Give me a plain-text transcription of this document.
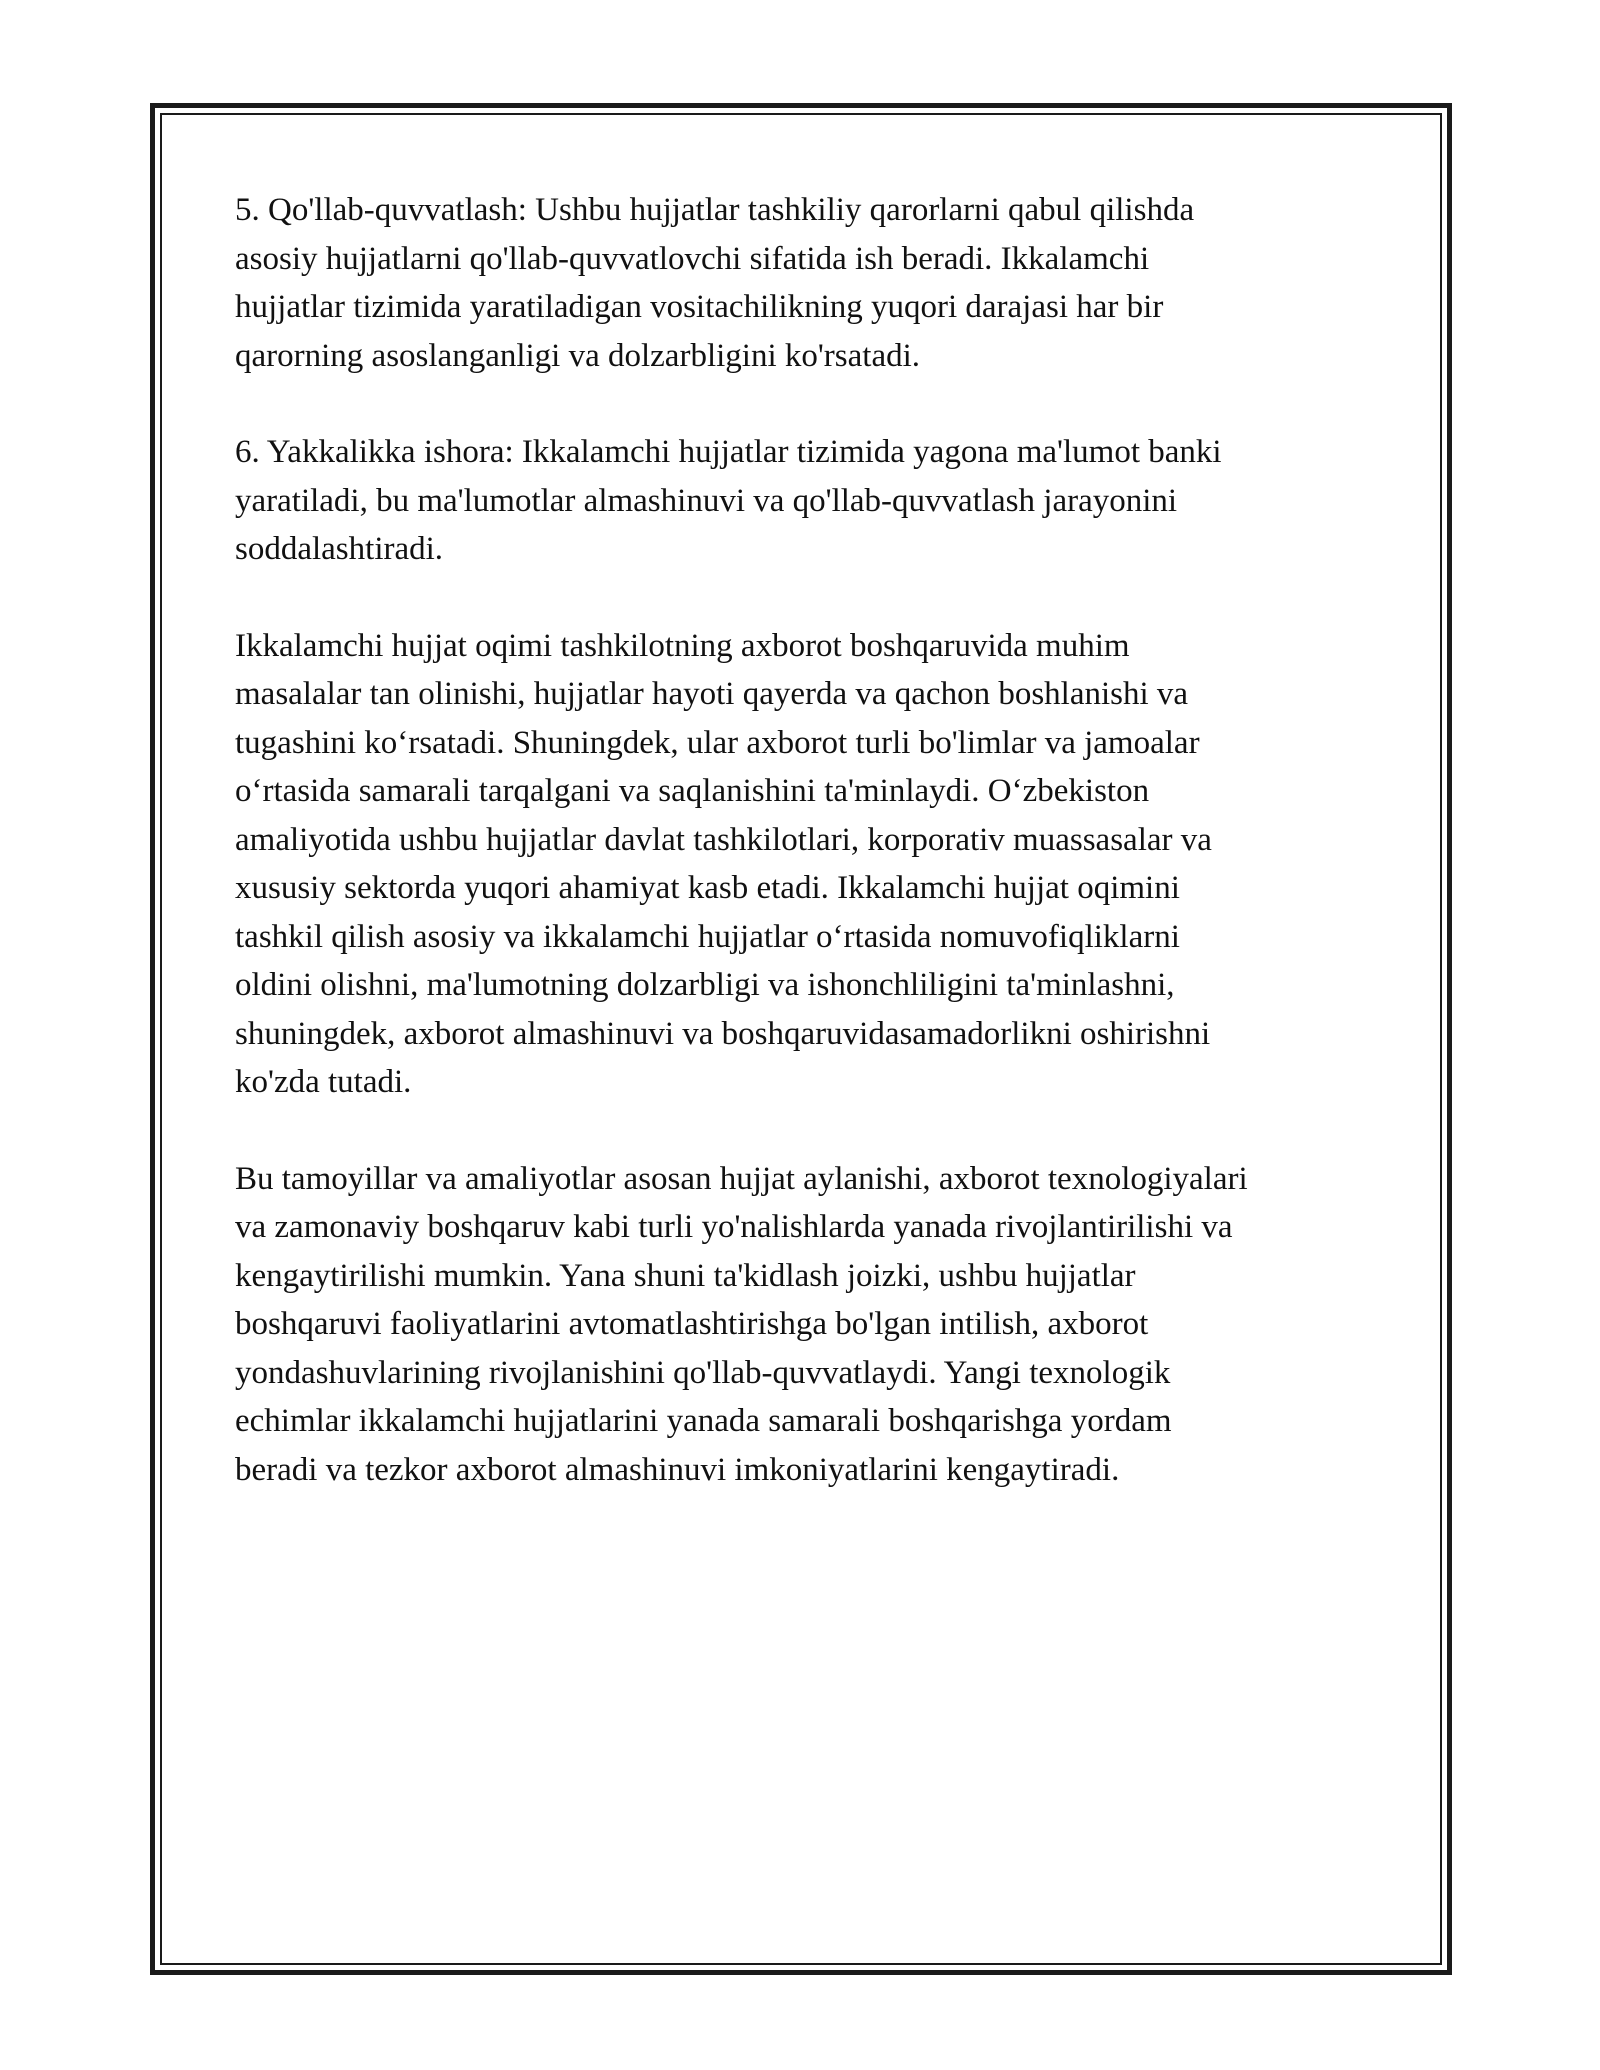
5. Qo'llab-quvvatlash: Ushbu hujjatlar tashkiliy qarorlarni qabul qilishda
asosiy hujjatlarni qo'llab-quvvatlovchi sifatida ish beradi. Ikkalamchi
hujjatlar tizimida yaratiladigan vositachilikning yuqori darajasi har bir
qarorning asoslanganligi va dolzarbligini ko'rsatadi.

6. Yakkalikka ishora: Ikkalamchi hujjatlar tizimida yagona ma'lumot banki
yaratiladi, bu ma'lumotlar almashinuvi va qo'llab-quvvatlash jarayonini
soddalashtiradi.

Ikkalamchi hujjat oqimi tashkilotning axborot boshqaruvida muhim
masalalar tan olinishi, hujjatlar hayoti qayerda va qachon boshlanishi va
tugashini ko‘rsatadi. Shuningdek, ular axborot turli bo'limlar va jamoalar
o‘rtasida samarali tarqalgani va saqlanishini ta'minlaydi. O‘zbekiston
amaliyotida ushbu hujjatlar davlat tashkilotlari, korporativ muassasalar va
xususiy sektorda yuqori ahamiyat kasb etadi. Ikkalamchi hujjat oqimini
tashkil qilish asosiy va ikkalamchi hujjatlar o‘rtasida nomuvofiqliklarni
oldini olishni, ma'lumotning dolzarbligi va ishonchliligini ta'minlashni,
shuningdek, axborot almashinuvi va boshqaruvidasamadorlikni oshirishni
ko'zda tutadi.

Bu tamoyillar va amaliyotlar asosan hujjat aylanishi, axborot texnologiyalari
va zamonaviy boshqaruv kabi turli yo'nalishlarda yanada rivojlantirilishi va
kengaytirilishi mumkin. Yana shuni ta'kidlash joizki, ushbu hujjatlar
boshqaruvi faoliyatlarini avtomatlashtirishga bo'lgan intilish, axborot
yondashuvlarining rivojlanishini qo'llab-quvvatlaydi. Yangi texnologik
echimlar ikkalamchi hujjatlarini yanada samarali boshqarishga yordam
beradi va tezkor axborot almashinuvi imkoniyatlarini kengaytiradi.
